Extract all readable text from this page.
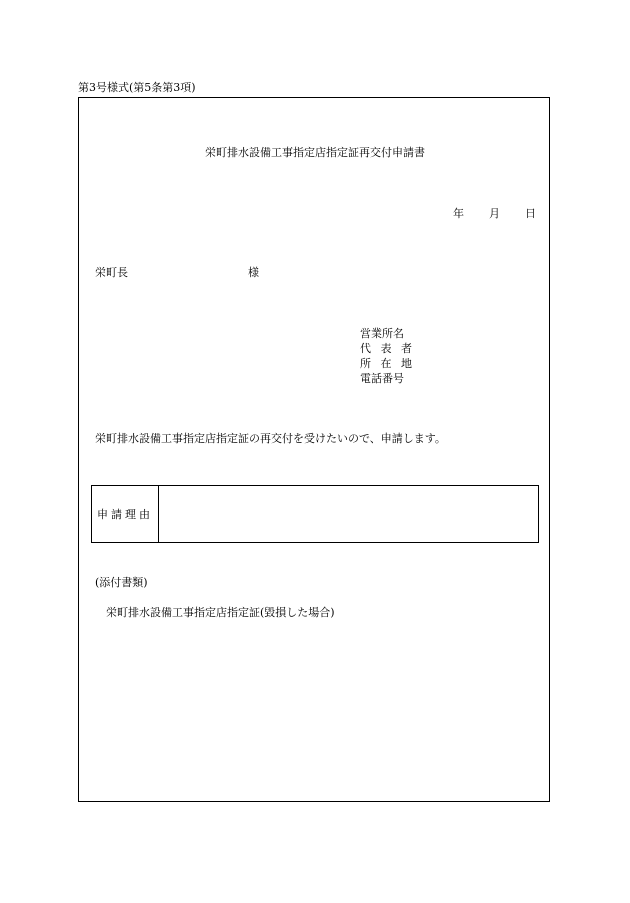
第3号様式(第5条第3項)
栄町排水設備工事指定店指定証再交付申請書
年 月 日
栄町長	様
営業所名
代 表 者
所 在 地
電話番号
栄町排水設備工事指定店指定証の再交付を受けたいので、申請します。
申請理由
(添付書類)
栄町排水設備工事指定店指定証(毀損した場合)
